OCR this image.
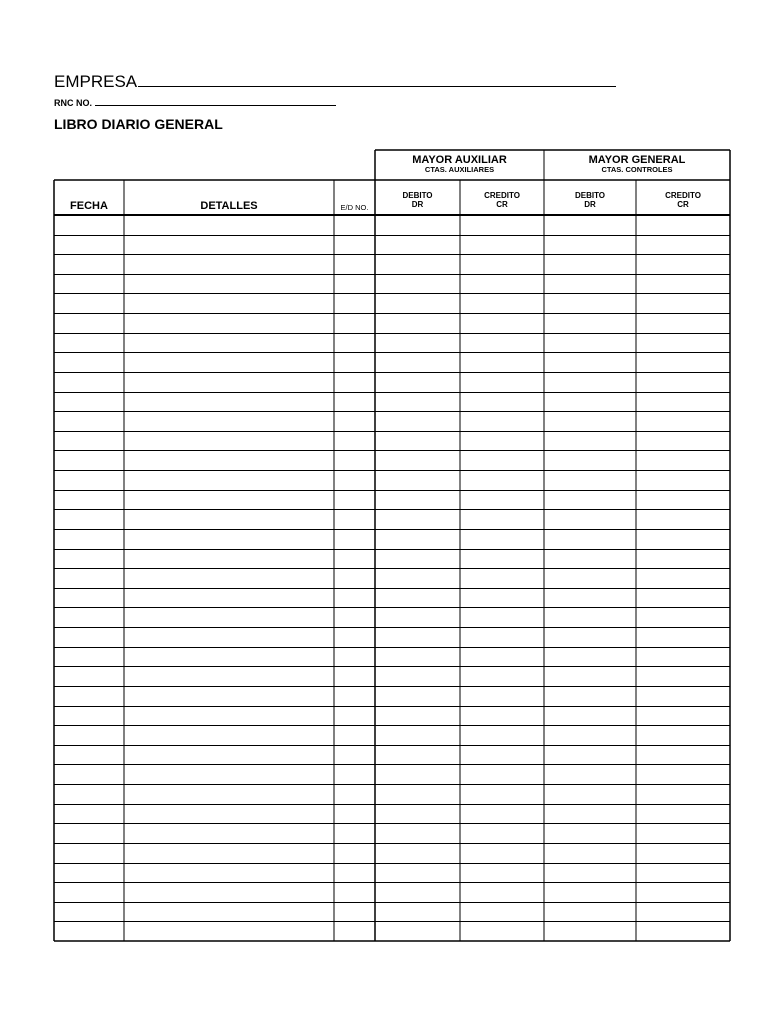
EMPRESA
RNC NO.
LIBRO DIARIO GENERAL
MAYOR AUXILIAR
CTAS. AUXILIARES
MAYOR GENERAL
CTAS. CONTROLES
FECHA	DETALLES	E/D NO.
DEBITO
DR
CREDITO
CR
DEBITO
DR
CREDITO
CR
